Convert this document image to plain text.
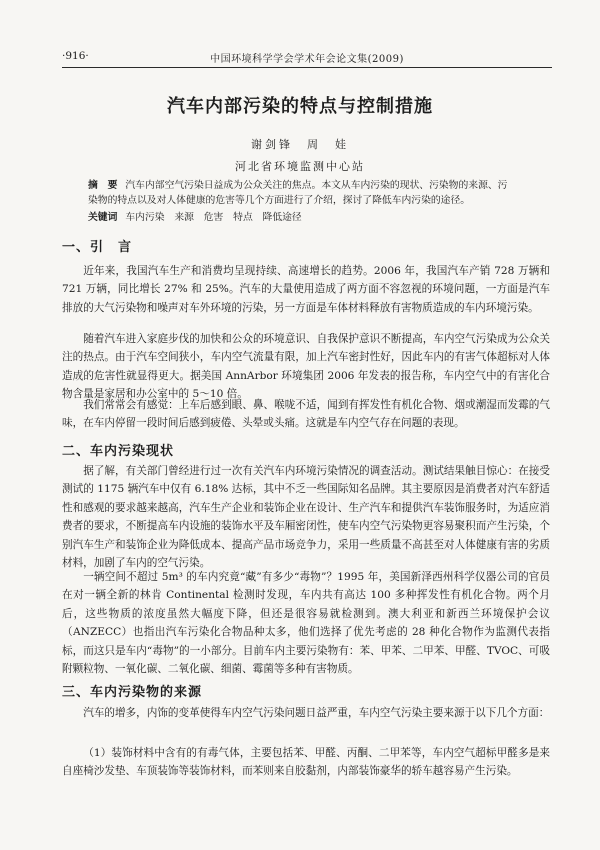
·916·	中国环境科学学会学术年会论文集(2009)
汽车内部污染的特点与控制措施
谢剑锋　周　娃
河北省环境监测中心站
摘　要 汽车内部空气污染日益成为公众关注的焦点。本文从车内污染的现状、污染物的来源、污染物的特点以及对人体健康的危害等几个方面进行了介绍，探讨了降低车内污染的途径。
关键词 车内污染　来源　危害　特点　降低途径
一、引　言
近年来，我国汽车生产和消费均呈现持续、高速增长的趋势。2006 年，我国汽车产销 728 万辆和 721 万辆，同比增长 27% 和 25%。汽车的大量使用造成了两方面不容忽视的环境问题，一方面是汽车排放的大气污染物和噪声对车外环境的污染，另一方面是车体材料释放有害物质造成的车内环境污染。
随着汽车进入家庭步伐的加快和公众的环境意识、自我保护意识不断提高，车内空气污染成为公众关注的热点。由于汽车空间狭小，车内空气流量有限，加上汽车密封性好，因此车内的有害气体超标对人体造成的危害性就显得更大。据美国 AnnArbor 环境集团 2006 年发表的报告称，车内空气中的有害化合物含量是家居和办公室中的 5～10 倍。
我们常常会有感觉：上车后感到眼、鼻、喉咙不适，闻到有挥发性有机化合物、烟或潮湿而发霉的气味，在车内停留一段时间后感到疲倦、头晕或头痛。这就是车内空气存在问题的表现。
二、车内污染现状
据了解，有关部门曾经进行过一次有关汽车内环境污染情况的调查活动。测试结果触目惊心：在接受测试的 1175 辆汽车中仅有 6.18% 达标，其中不乏一些国际知名品牌。其主要原因是消费者对汽车舒适性和感观的要求越来越高，汽车生产企业和装饰企业在设计、生产汽车和提供汽车装饰服务时，为适应消费者的要求，不断提高车内设施的装饰水平及车厢密闭性，使车内空气污染物更容易聚积而产生污染，个别汽车生产和装饰企业为降低成本、提高产品市场竞争力，采用一些质量不高甚至对人体健康有害的劣质材料，加剧了车内的空气污染。
一辆空间不超过 5m³ 的车内究竟“藏”有多少“毒物”？1995 年，美国新泽西州科学仪器公司的官员在对一辆全新的林肯 Continental 检测时发现，车内共有高达 100 多种挥发性有机化合物。两个月后，这些物质的浓度虽然大幅度下降，但还是很容易就检测到。澳大利亚和新西兰环境保护会议（ANZECC）也指出汽车污染化合物品种太多，他们选择了优先考虑的 28 种化合物作为监测代表指标，而这只是车内“毒物”的一小部分。目前车内主要污染物有：苯、甲苯、二甲苯、甲醛、TVOC、可吸附颗粒物、一氧化碳、二氧化碳、细菌、霉菌等多种有害物质。
三、车内污染物的来源
汽车的增多，内饰的变革使得车内空气污染问题日益严重，车内空气污染主要来源于以下几个方面：
（1）装饰材料中含有的有毒气体，主要包括苯、甲醛、丙酮、二甲苯等，车内空气超标甲醛多是来自座椅沙发垫、车顶装饰等装饰材料，而苯则来自胶黏剂，内部装饰豪华的轿车越容易产生污染。
